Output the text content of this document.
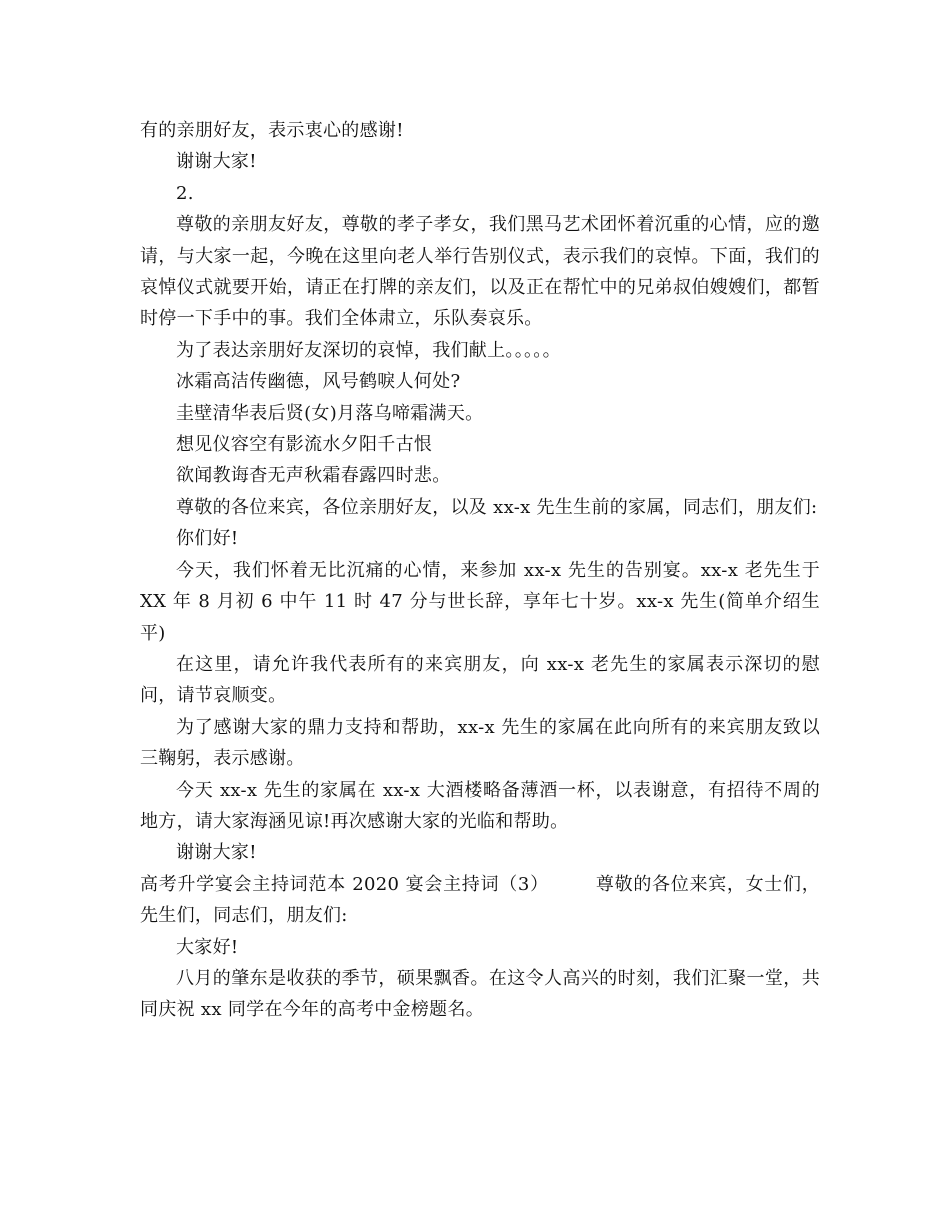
有的亲朋好友，表示衷心的感谢!

谢谢大家!

2.

尊敬的亲朋友好友，尊敬的孝子孝女，我们黑马艺术团怀着沉重的心情，应的邀请，与大家一起，今晚在这里向老人举行告别仪式，表示我们的哀悼。下面，我们的哀悼仪式就要开始，请正在打牌的亲友们，以及正在帮忙中的兄弟叔伯嫂嫂们，都暂时停一下手中的事。我们全体肃立，乐队奏哀乐。

为了表达亲朋好友深切的哀悼，我们献上。。。。。

冰霜高洁传幽德，风号鹤唳人何处?

圭壁清华表后贤(女)月落乌啼霜满天。

想见仪容空有影流水夕阳千古恨

欲闻教诲杳无声秋霜春露四时悲。

尊敬的各位来宾，各位亲朋好友，以及 xx-x 先生生前的家属，同志们，朋友们:

你们好!

今天，我们怀着无比沉痛的心情，来参加 xx-x 先生的告别宴。xx-x 老先生于 XX 年 8 月初 6 中午 11 时 47 分与世长辞，享年七十岁。xx-x 先生(简单介绍生平)

在这里，请允许我代表所有的来宾朋友，向 xx-x 老先生的家属表示深切的慰问，请节哀顺变。

为了感谢大家的鼎力支持和帮助，xx-x 先生的家属在此向所有的来宾朋友致以三鞠躬，表示感谢。

今天 xx-x 先生的家属在 xx-x 大酒楼略备薄酒一杯，以表谢意，有招待不周的地方，请大家海涵见谅!再次感谢大家的光临和帮助。

谢谢大家!

高考升学宴会主持词范本 2020 宴会主持词（3）　　　尊敬的各位来宾，女士们，先生们，同志们，朋友们:

大家好!

八月的肇东是收获的季节，硕果飘香。在这令人高兴的时刻，我们汇聚一堂，共同庆祝 xx 同学在今年的高考中金榜题名。
